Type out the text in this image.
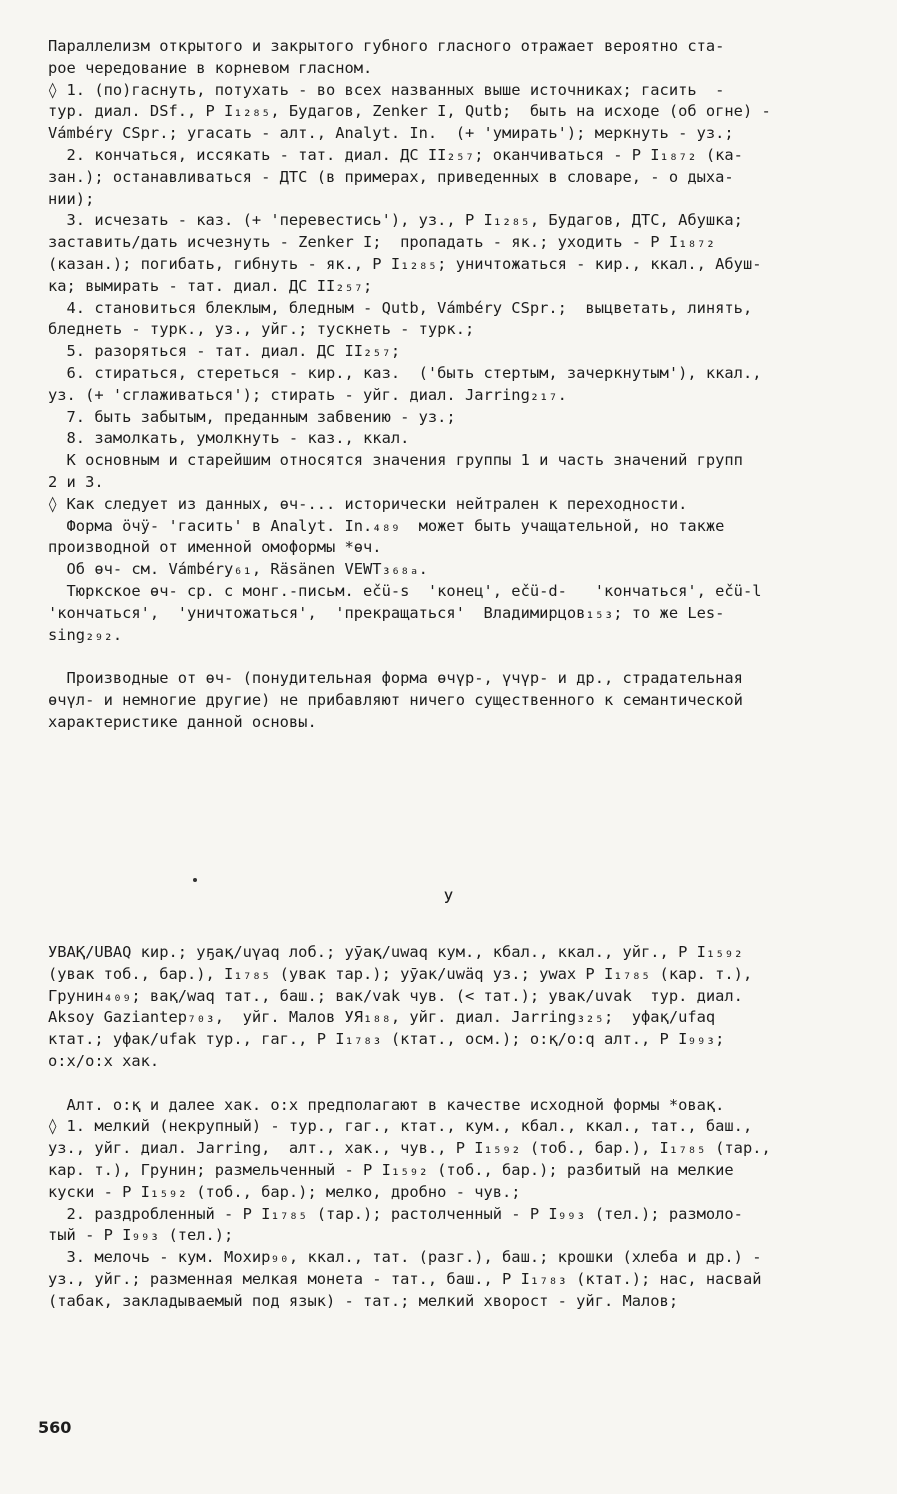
Параллелизм открытого и закрытого губного гласного отражает вероятно ста-
рое чередование в корневом гласном.
◊ 1. (по)гаснуть, потухать - во всех названных выше источниках; гасить  -
тур. диал. DSf., Р I₁₂₈₅, Будагов, Zenker I, Qutb;  быть на исходе (об огне) -
Vámbéry CSpr.; угасать - алт., Analyt. In.  (+ 'умирать'); меркнуть - уз.;
2. кончаться, иссякать - тат. диал. ДС II₂₅₇; оканчиваться - Р I₁₈₇₂ (ка-
зан.); останавливаться - ДТС (в примерах, приведенных в словаре, - о дыха-
нии);
3. исчезать - каз. (+ 'перевестись'), уз., Р I₁₂₈₅, Будагов, ДТС, Абушка;
заставить/дать исчезнуть - Zenker I;  пропадать - як.; уходить - Р I₁₈₇₂
(казан.); погибать, гибнуть - як., Р I₁₂₈₅; уничтожаться - кир., ккал., Абуш-
ка; вымирать - тат. диал. ДС II₂₅₇;
4. становиться блеклым, бледным - Qutb, Vámbéry CSpr.;  выцветать, линять,
бледнеть - турк., уз., уйг.; тускнеть - турк.;
5. разоряться - тат. диал. ДС II₂₅₇;
6. стираться, стереться - кир., каз.  ('быть стертым, зачеркнутым'), ккал.,
уз. (+ 'сглаживаться'); стирать - уйг. диал. Jarring₂₁₇.
7. быть забытым, преданным забвению - уз.;
8. замолкать, умолкнуть - каз., ккал.
К основным и старейшим относятся значения группы 1 и часть значений групп
2 и 3.
◊ Как следует из данных, өч-... исторически нейтрален к переходности.
Форма ӧчӱ- 'гасить' в Analyt. In.₄₈₉  может быть учащательной, но также
производной от именной омоформы *өч.
Об өч- см. Vámbéry₆₁, Räsänen VEWT₃₆₈ₐ.
Тюркское өч- ср. с монг.-письм. ečü-s  'конец', ečü-d-   'кончаться', ečü-l
'кончаться',  'уничтожаться',  'прекращаться'  Владимирцов₁₅₃; то же Les-
sing₂₉₂.
Производные от өч- (понудительная форма өчүр-, үчүр- и др., страдательная
өчүл- и немногие другие) не прибавляют ничего существенного к семантической
характеристике данной основы.
У
УВАҚ/UBAQ кир.; уҕақ/uγaq лоб.; уӯақ/uwaq кум., кбал., ккал., уйг., Р I₁₅₉₂
(увак тоб., бар.), I₁₇₈₅ (увак тар.); уӯак/uwäq уз.; уwах Р I₁₇₈₅ (кар. т.),
Грунин₄₀₉; вақ/waq тат., баш.; вак/vak чув. (< тат.); увак/uvak  тур. диал.
Aksoy Gaziantep₇₀₃,  уйг. Малов УЯ₁₈₈, уйг. диал. Jarring₃₂₅;  уфақ/ufaq
ктат.; уфак/ufak тур., гаг., Р I₁₇₈₃ (ктат., осм.); о:қ/o:q алт., Р I₉₉₃;
о:х/o:x хак.
Алт. о:қ и далее хак. о:х предполагают в качестве исходной формы *овақ.
◊ 1. мелкий (некрупный) - тур., гаг., ктат., кум., кбал., ккал., тат., баш.,
уз., уйг. диал. Jarring,  алт., хак., чув., Р I₁₅₉₂ (тоб., бар.), I₁₇₈₅ (тар.,
кар. т.), Грунин; размельченный - Р I₁₅₉₂ (тоб., бар.); разбитый на мелкие
куски - Р I₁₅₉₂ (тоб., бар.); мелко, дробно - чув.;
2. раздробленный - Р I₁₇₈₅ (тар.); растолченный - Р I₉₉₃ (тел.); размоло-
тый - Р I₉₉₃ (тел.);
3. мелочь - кум. Мохир₉₀, ккал., тат. (разг.), баш.; крошки (хлеба и др.) -
уз., уйг.; разменная мелкая монета - тат., баш., Р I₁₇₈₃ (ктат.); нас, насвай
(табак, закладываемый под язык) - тат.; мелкий хворост - уйг. Малов;
560
